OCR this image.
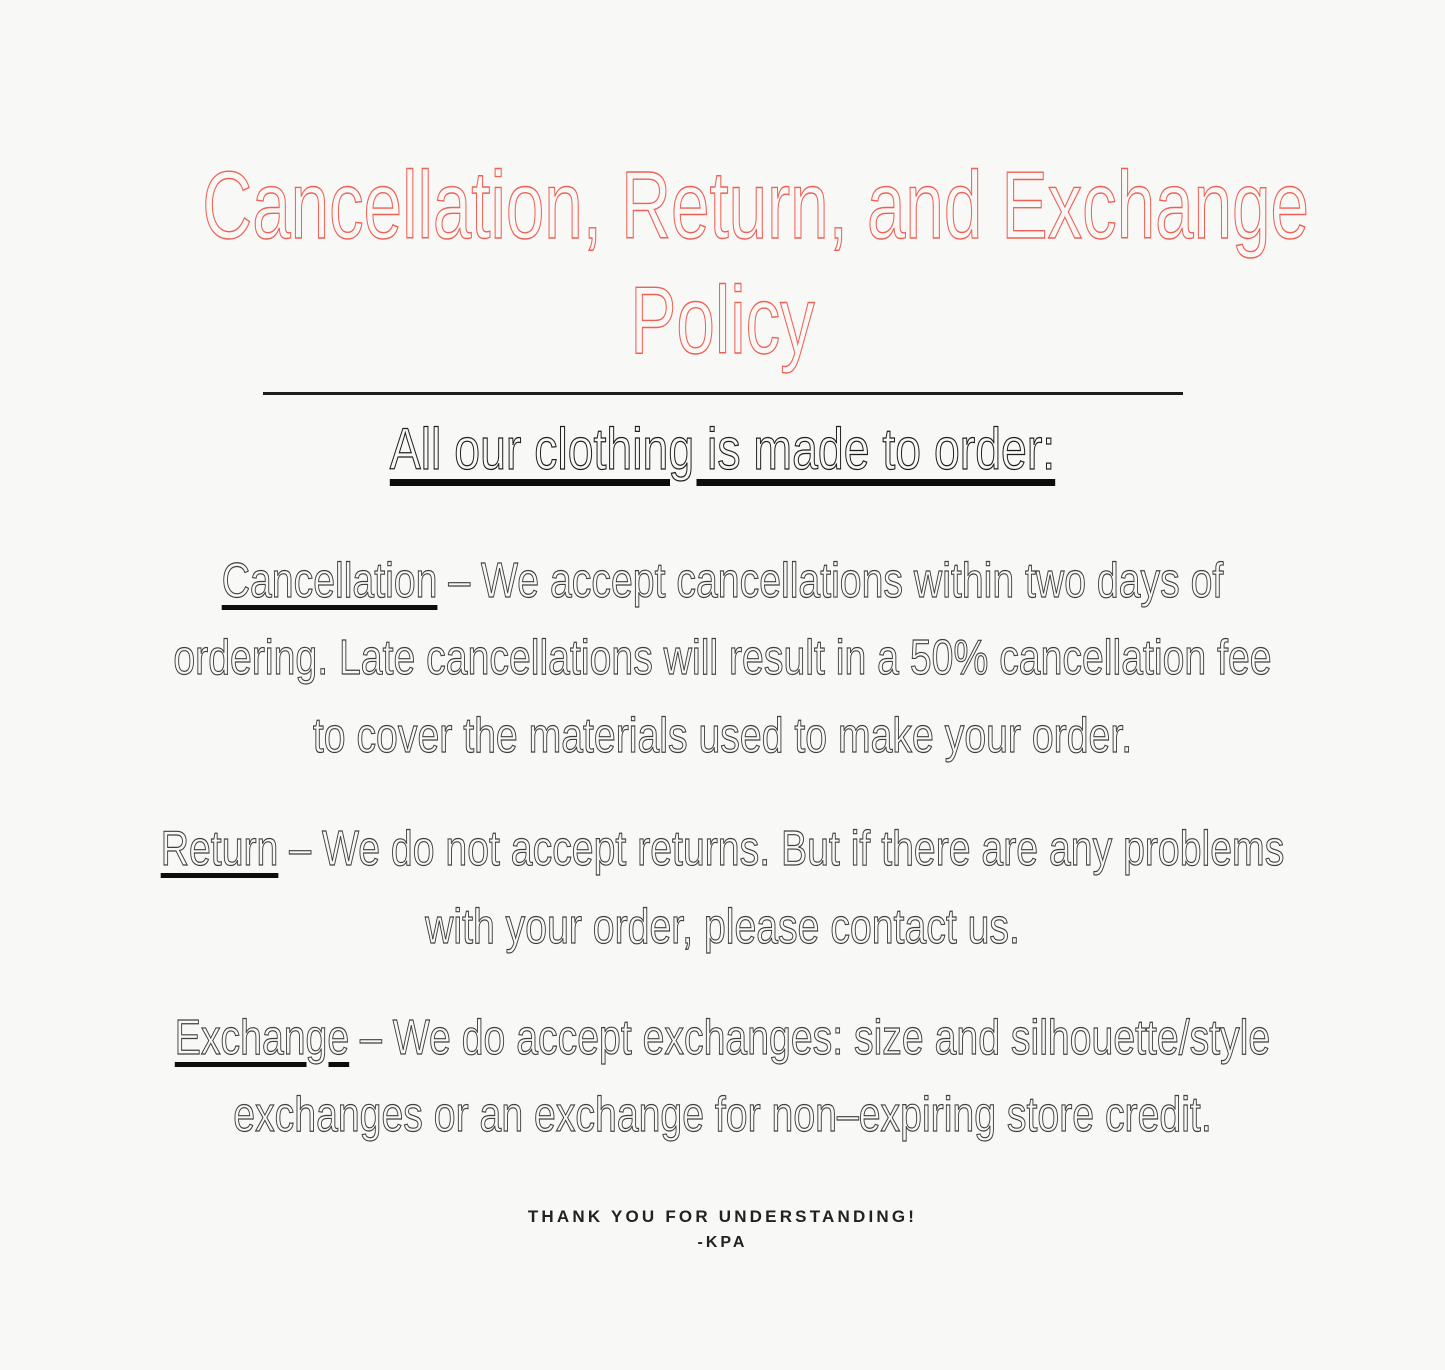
Cancellation, Return, and Exchange
Policy
All our clothing is made to order:
Cancellation – We accept cancellations within two days of
ordering. Late cancellations will result in a 50% cancellation fee
to cover the materials used to make your order.
Return – We do not accept returns. But if there are any problems
with your order, please contact us.
Exchange – We do accept exchanges: size and silhouette/style
exchanges or an exchange for non–expiring store credit.
THANK YOU FOR UNDERSTANDING!
-KPA
